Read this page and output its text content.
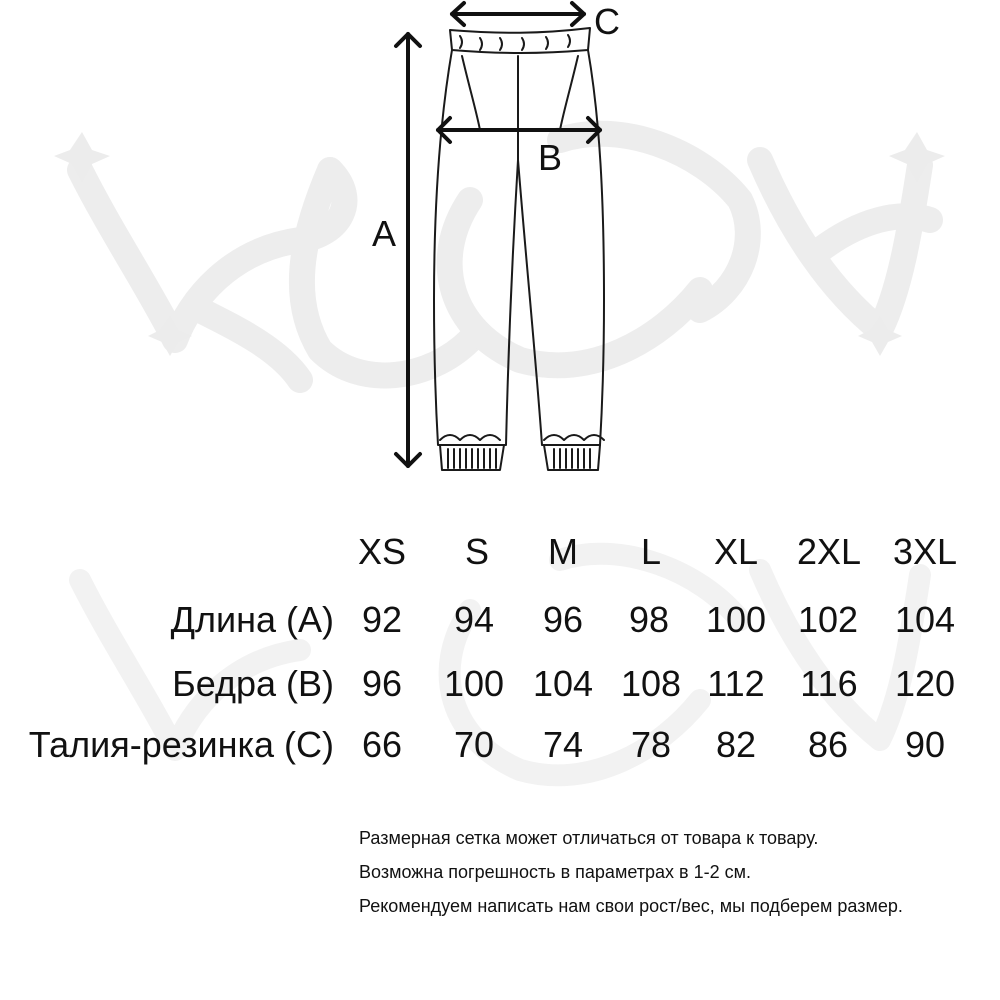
A
B
C
XS	S	M	L	XL	2XL 3XL
Длина (A) 92	94	96	98	100 102	104
Бедра (B) 96	100 104 108 112 116	120
Талия-резинка (C) 66	70	74	78	82	86	90
Размерная сетка может отличаться от товара к товару.
Возможна погрешность в параметрах в 1-2 см.
Рекомендуем написать нам свои рост/вес, мы подберем размер.
